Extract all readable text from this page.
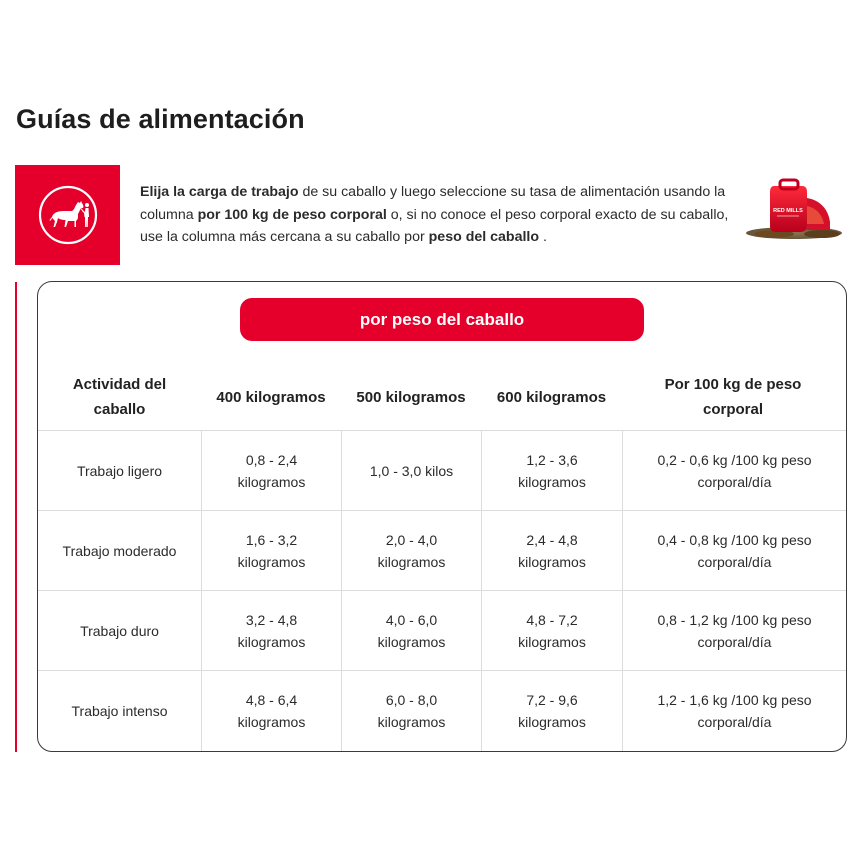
Guías de alimentación

Elija la carga de trabajo de su caballo y luego seleccione su tasa de alimentación usando la columna por 100 kg de peso corporal o, si no conoce el peso corporal exacto de su caballo, use la columna más cercana a su caballo por peso del caballo .

RED MILLS
por peso del caballo
Actividad del caballo
400 kilogramos	500 kilogramos	600 kilogramos
Por 100 kg de peso corporal
Trabajo ligero
0,8 - 2,4 kilogramos
1,0 - 3,0 kilos
1,2 - 3,6 kilogramos
0,2 - 0,6 kg /100 kg peso corporal/día
Trabajo moderado
1,6 - 3,2 kilogramos
2,0 - 4,0 kilogramos
2,4 - 4,8 kilogramos
0,4 - 0,8 kg /100 kg peso corporal/día
Trabajo duro
3,2 - 4,8 kilogramos
4,0 - 6,0 kilogramos
4,8 - 7,2 kilogramos
0,8 - 1,2 kg /100 kg peso corporal/día
Trabajo intenso
4,8 - 6,4 kilogramos
6,0 - 8,0 kilogramos
7,2 - 9,6 kilogramos
1,2 - 1,6 kg /100 kg peso corporal/día
